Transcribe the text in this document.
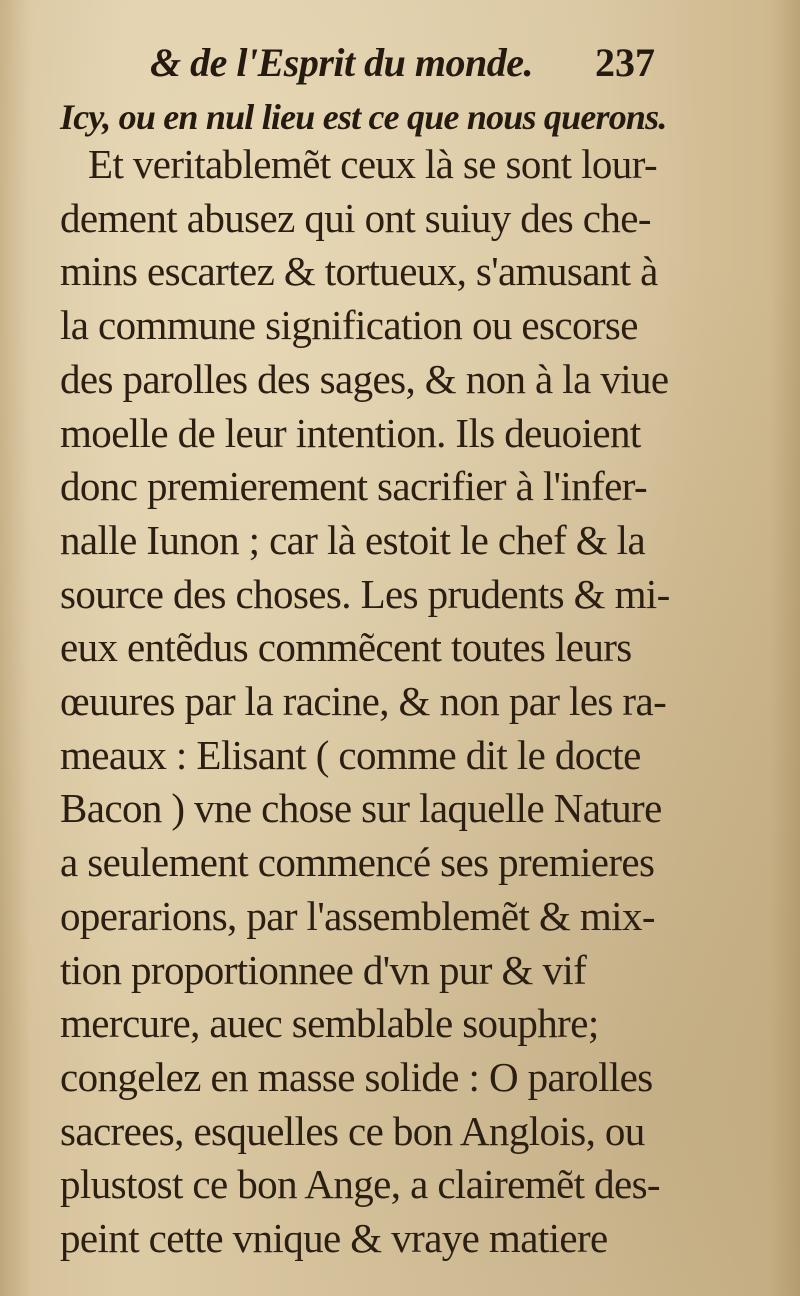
& de l'Esprit du monde. 237
Icy, ou en nul lieu est ce que nous querons.
Et veritablemẽt ceux là se sont lour-
dement abusez qui ont suiuy des che-
mins escartez & tortueux, s'amusant à
la commune signification ou escorse
des parolles des sages, & non à la viue
moelle de leur intention. Ils deuoient
donc premierement sacrifier à l'infer-
nalle Iunon ; car là estoit le chef & la
source des choses. Les prudents & mi-
eux entẽdus commẽcent toutes leurs
œuures par la racine, & non par les ra-
meaux : Elisant ( comme dit le docte
Bacon ) vne chose sur laquelle Nature
a seulement commencé ses premieres
operarions, par l'assemblemẽt & mix-
tion proportionnee d'vn pur & vif
mercure, auec semblable souphre;
congelez en masse solide : O parolles
sacrees, esquelles ce bon Anglois, ou
plustost ce bon Ange, a clairemẽt des-
peint cette vnique & vraye matiere
